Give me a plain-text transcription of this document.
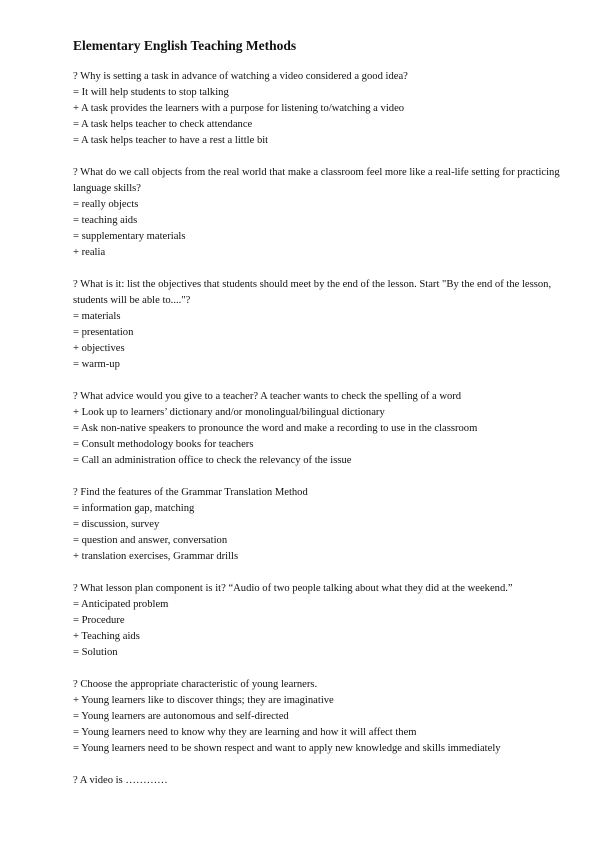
Elementary English Teaching Methods
? Why is setting a task in advance of watching a video considered a good idea?
= It will help students to stop talking
+ A task provides the learners with a purpose for listening to/watching a video
= A task helps teacher to check attendance
= A task helps teacher to have a rest a little bit
? What do we call objects from the real world that make a classroom feel more like a real-life setting for practicing language skills?
= really objects
= teaching aids
= supplementary materials
+ realia
? What is it: list the objectives that students should meet by the end of the lesson. Start "By the end of the lesson, students will be able to...."?
= materials
= presentation
+ objectives
= warm-up
? What advice would you give to a teacher? A teacher wants to check the spelling of a word
+ Look up to learners’ dictionary and/or monolingual/bilingual dictionary
= Ask non-native speakers to pronounce the word and make a recording to use in the classroom
= Consult methodology books for teachers
= Call an administration office to check the relevancy of the issue
? Find the features of the Grammar Translation Method
= information gap, matching
= discussion, survey
= question and answer, conversation
+ translation exercises, Grammar drills
? What lesson plan component is it? “Audio of two people talking about what they did at the weekend.”
= Anticipated problem
= Procedure
+ Teaching aids
= Solution
? Choose the appropriate characteristic of young learners.
+ Young learners like to discover things; they are imaginative
= Young learners are autonomous and self-directed
= Young learners need to know why they are learning and how it will affect them
= Young learners need to be shown respect and want to apply new knowledge and skills immediately
? A video is …………
